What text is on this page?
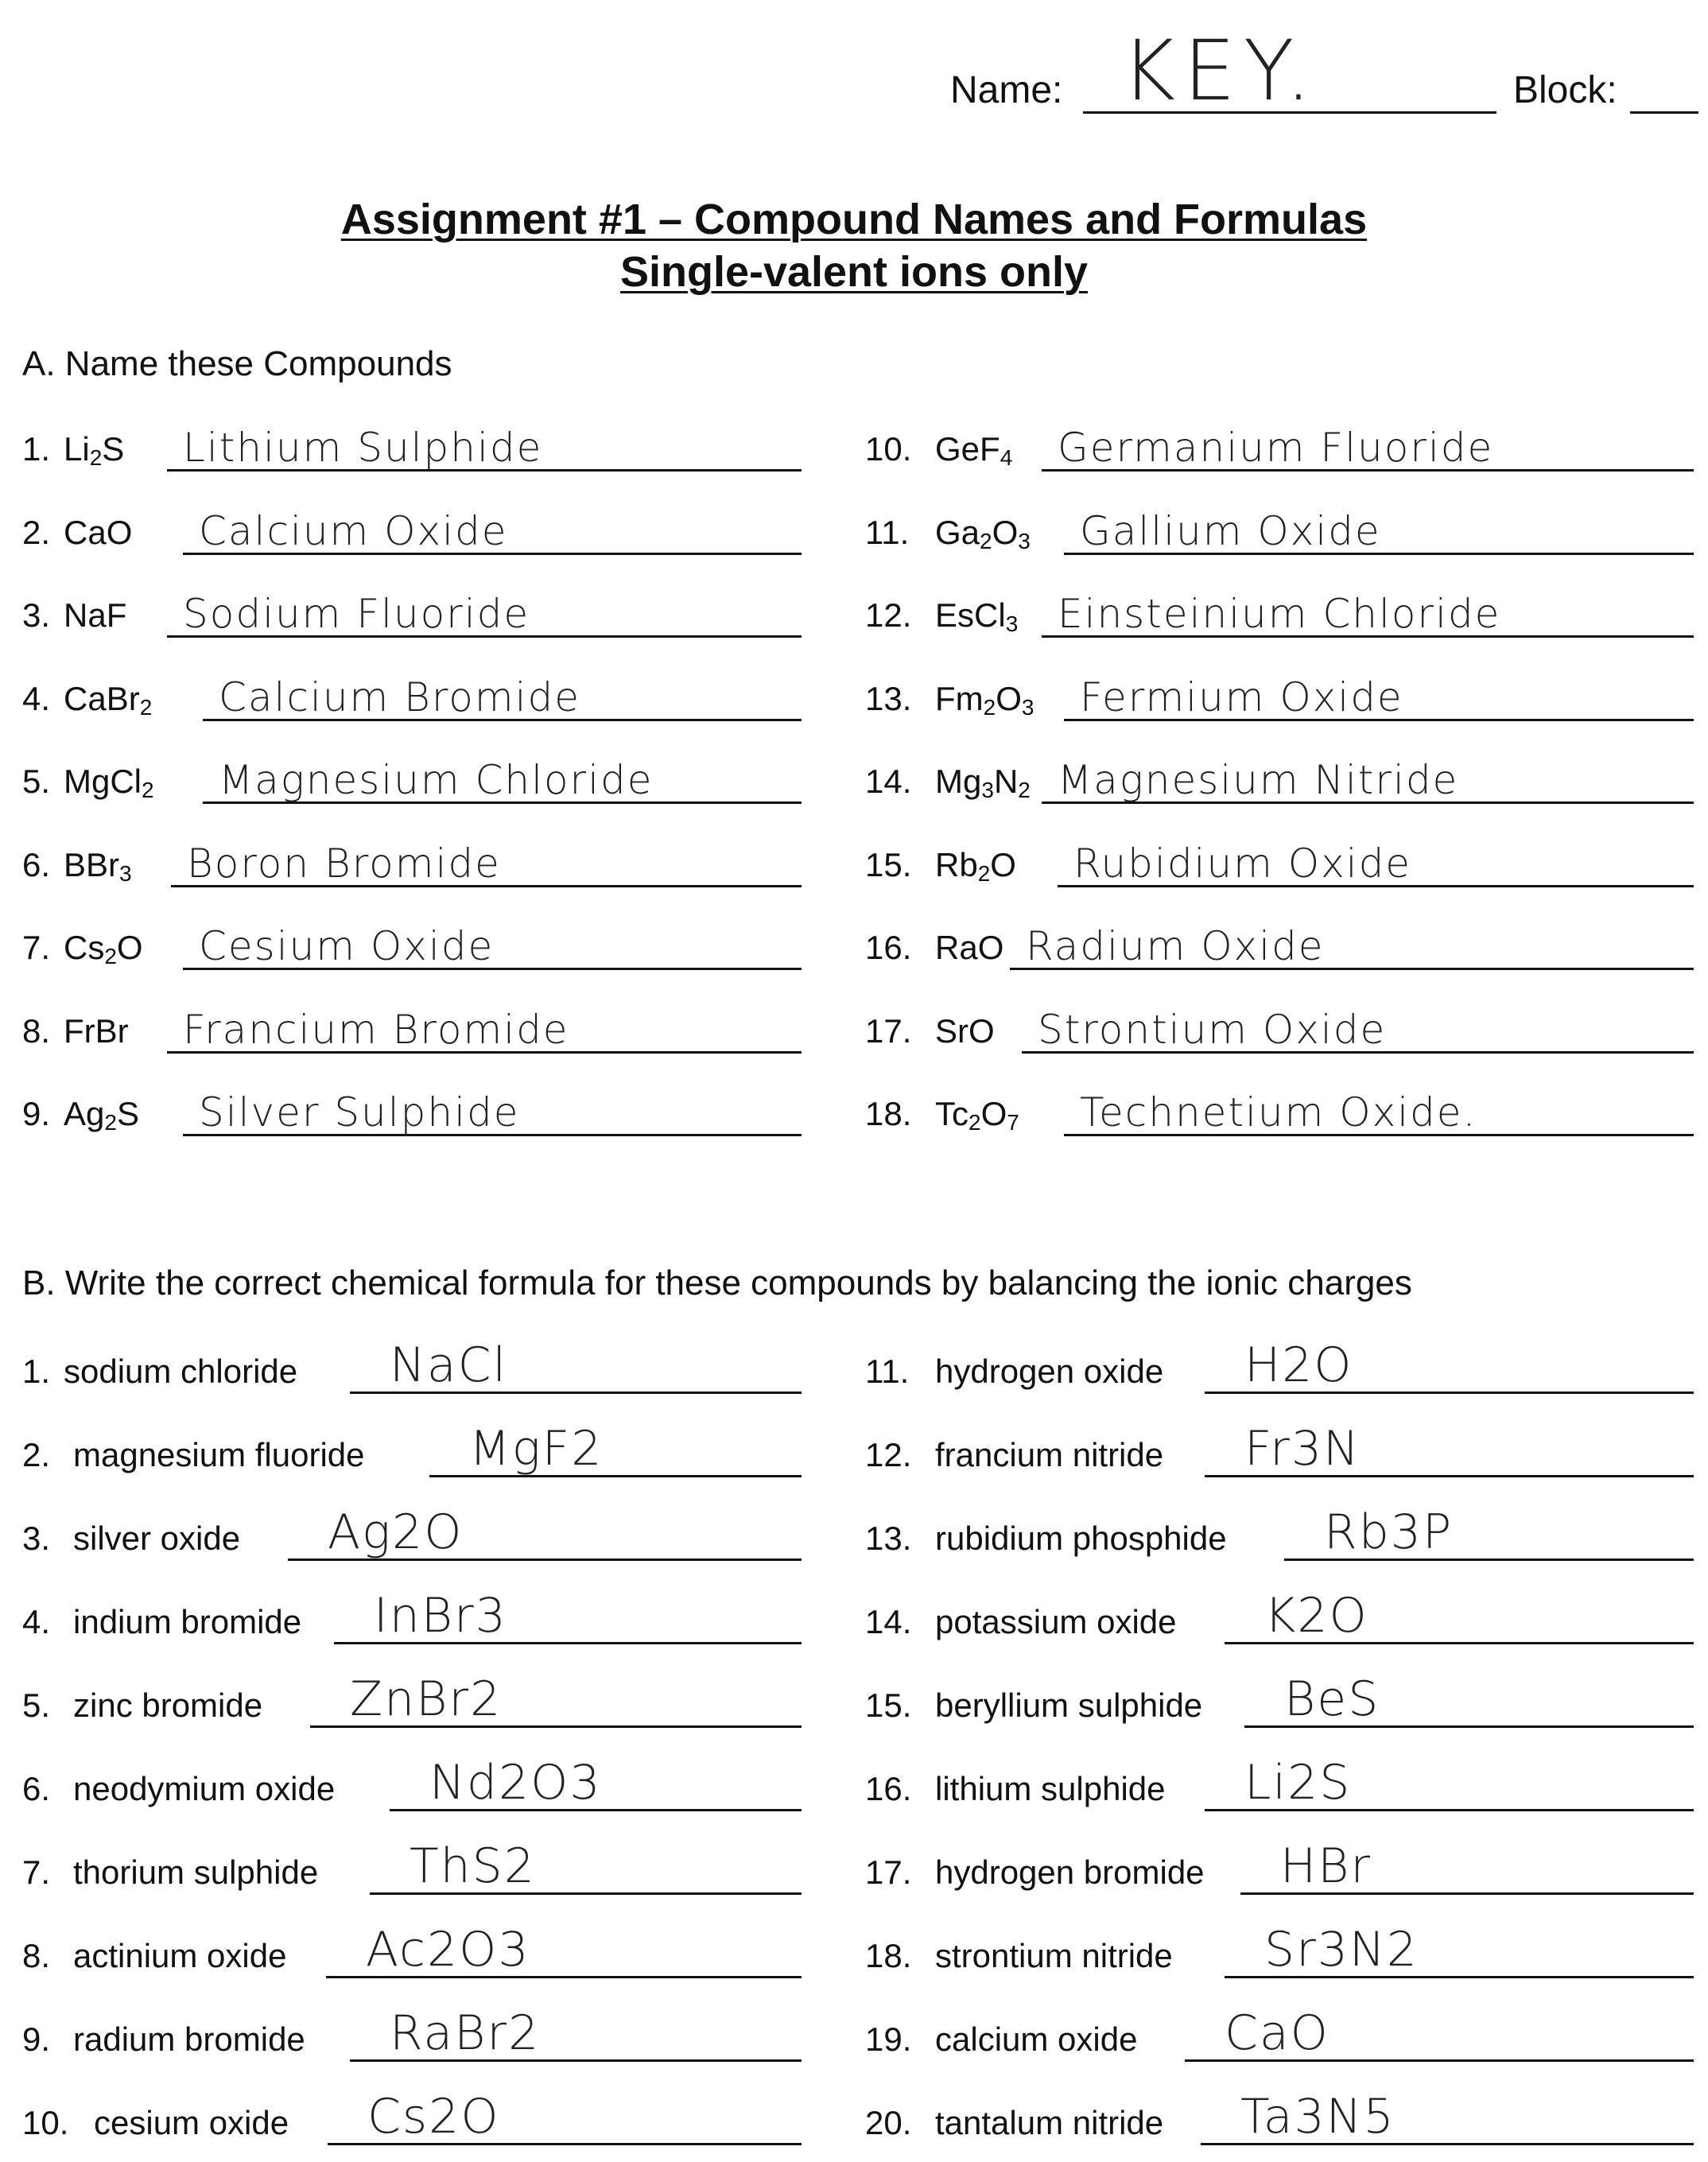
Name: KEY.	Block:
Assignment #1 – Compound Names and Formulas
Single-valent ions only
A. Name these Compounds
1. $Li_2S$ Lithium Sulphide
2. CaO Calcium Oxide
3. NaF Sodium Fluoride
4. CaBr$_2$ Calcium Bromide
5. MgCl$_2$ Magnesium Chloride
6. BBr$_3$ Boron Bromide
7. $Cs_2O$ Cesium Oxide
8. FrBr Francium Bromide
9. $Ag_2S$ Silver Sulphide
10. GeF$_4$ Germanium Fluoride
11. $Ga_2O_3$ Gallium Oxide
12. EsCl$_3$ Einsteinium Chloride
13. $Fm_2O_3$ Fermium Oxide
14. $Mg_3N_2$ Magnesium Nitride
15. $Rb_2O$ Rubidium Oxide
16. RaO Radium Oxide
17. SrO Strontium Oxide
18. $Tc_2O_7$ Technetium Oxide.
B. Write the correct chemical formula for these compounds by balancing the ionic charges
1. sodium chloride NaCl
2. magnesium fluoride MgF2
3. silver oxide Ag2O
4. indium bromide InBr3
5. zinc bromide ZnBr2
6. neodymium oxide Nd2O3
7. thorium sulphide ThS2
8. actinium oxide Ac2O3
9. radium bromide RaBr2
10. cesium oxide Cs2O
11. hydrogen oxide H2O
12. francium nitride Fr3N
13. rubidium phosphide Rb3P
14. potassium oxide K2O
15. beryllium sulphide BeS
16. lithium sulphide Li2S
17. hydrogen bromide HBr
18. strontium nitride Sr3N2
19. calcium oxide CaO
20. tantalum nitride Ta3N5
